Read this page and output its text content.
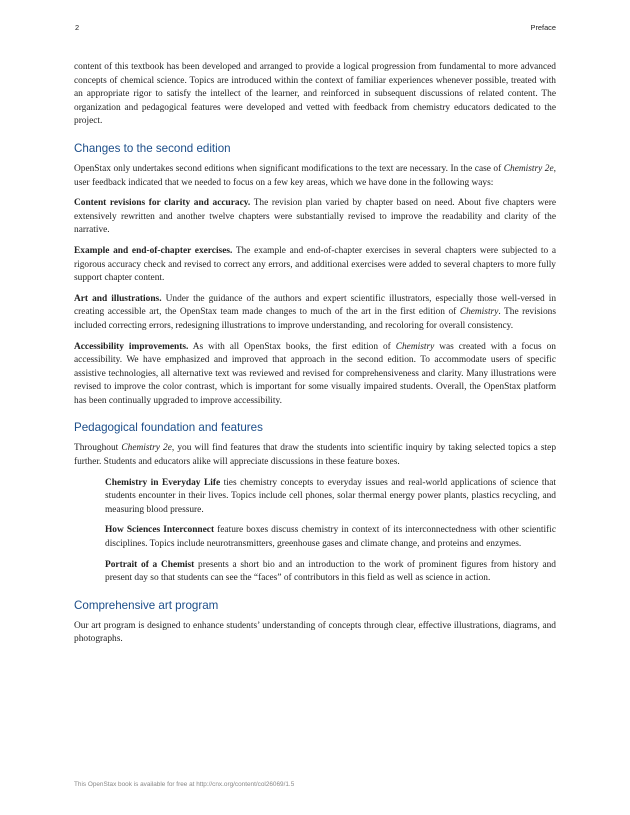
2	Preface

content of this textbook has been developed and arranged to provide a logical progression from fundamental to more advanced concepts of chemical science. Topics are introduced within the context of familiar experiences whenever possible, treated with an appropriate rigor to satisfy the intellect of the learner, and reinforced in subsequent discussions of related content. The organization and pedagogical features were developed and vetted with feedback from chemistry educators dedicated to the project.

Changes to the second edition

OpenStax only undertakes second editions when significant modifications to the text are necessary. In the case of Chemistry 2e, user feedback indicated that we needed to focus on a few key areas, which we have done in the following ways:

Content revisions for clarity and accuracy. The revision plan varied by chapter based on need. About five chapters were extensively rewritten and another twelve chapters were substantially revised to improve the readability and clarity of the narrative.

Example and end-of-chapter exercises. The example and end-of-chapter exercises in several chapters were subjected to a rigorous accuracy check and revised to correct any errors, and additional exercises were added to several chapters to more fully support chapter content.

Art and illustrations. Under the guidance of the authors and expert scientific illustrators, especially those well-versed in creating accessible art, the OpenStax team made changes to much of the art in the first edition of Chemistry. The revisions included correcting errors, redesigning illustrations to improve understanding, and recoloring for overall consistency.

Accessibility improvements. As with all OpenStax books, the first edition of Chemistry was created with a focus on accessibility. We have emphasized and improved that approach in the second edition. To accommodate users of specific assistive technologies, all alternative text was reviewed and revised for comprehensiveness and clarity. Many illustrations were revised to improve the color contrast, which is important for some visually impaired students. Overall, the OpenStax platform has been continually upgraded to improve accessibility.

Pedagogical foundation and features

Throughout Chemistry 2e, you will find features that draw the students into scientific inquiry by taking selected topics a step further. Students and educators alike will appreciate discussions in these feature boxes.

Chemistry in Everyday Life ties chemistry concepts to everyday issues and real-world applications of science that students encounter in their lives. Topics include cell phones, solar thermal energy power plants, plastics recycling, and measuring blood pressure.

How Sciences Interconnect feature boxes discuss chemistry in context of its interconnectedness with other scientific disciplines. Topics include neurotransmitters, greenhouse gases and climate change, and proteins and enzymes.

Portrait of a Chemist presents a short bio and an introduction to the work of prominent figures from history and present day so that students can see the “faces” of contributors in this field as well as science in action.

Comprehensive art program

Our art program is designed to enhance students’ understanding of concepts through clear, effective illustrations, diagrams, and photographs.

This OpenStax book is available for free at http://cnx.org/content/col26069/1.5
